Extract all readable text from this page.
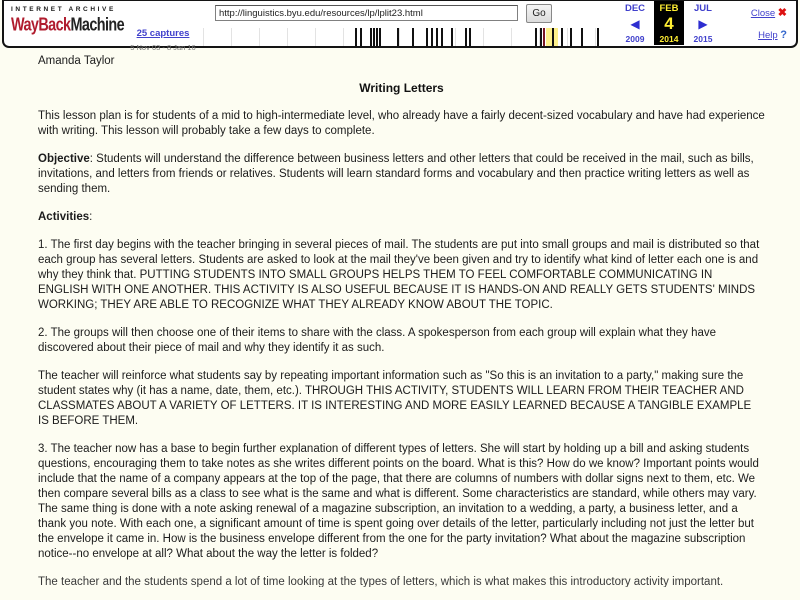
INTERNET ARCHIVE
WayBackMachine	25 captures
5 Nov 03 - 8 Jan 16
http://linguistics.byu.edu/resources/lp/lplit23.html
Go	DEC FEB JUL
◀ 4 ▶
2009 2014 2015
Close ✖
Help ?

Amanda Taylor

Writing Letters

This lesson plan is for students of a mid to high-intermediate level, who already have a fairly decent-sized vocabulary and have had experience with writing. This lesson will probably take a few days to complete.

Objective: Students will understand the difference between business letters and other letters that could be received in the mail, such as bills, invitations, and letters from friends or relatives. Students will learn standard forms and vocabulary and then practice writing letters as well as sending them.

Activities:

1. The first day begins with the teacher bringing in several pieces of mail. The students are put into small groups and mail is distributed so that each group has several letters. Students are asked to look at the mail they've been given and try to identify what kind of letter each one is and why they think that. PUTTING STUDENTS INTO SMALL GROUPS HELPS THEM TO FEEL COMFORTABLE COMMUNICATING IN ENGLISH WITH ONE ANOTHER. THIS ACTIVITY IS ALSO USEFUL BECAUSE IT IS HANDS-ON AND REALLY GETS STUDENTS' MINDS WORKING; THEY ARE ABLE TO RECOGNIZE WHAT THEY ALREADY KNOW ABOUT THE TOPIC.

2. The groups will then choose one of their items to share with the class. A spokesperson from each group will explain what they have discovered about their piece of mail and why they identify it as such.

The teacher will reinforce what students say by repeating important information such as "So this is an invitation to a party," making sure the student states why (it has a name, date, them, etc.). THROUGH THIS ACTIVITY, STUDENTS WILL LEARN FROM THEIR TEACHER AND CLASSMATES ABOUT A VARIETY OF LETTERS. IT IS INTERESTING AND MORE EASILY LEARNED BECAUSE A TANGIBLE EXAMPLE IS BEFORE THEM.

3. The teacher now has a base to begin further explanation of different types of letters. She will start by holding up a bill and asking students questions, encouraging them to take notes as she writes different points on the board. What is this? How do we know? Important points would include that the name of a company appears at the top of the page, that there are columns of numbers with dollar signs next to them, etc. We then compare several bills as a class to see what is the same and what is different. Some characteristics are standard, while others may vary. The same thing is done with a note asking renewal of a magazine subscription, an invitation to a wedding, a party, a business letter, and a thank you note. With each one, a significant amount of time is spent going over details of the letter, particularly including not just the letter but the envelope it came in. How is the business envelope different from the one for the party invitation? What about the magazine subscription notice--no envelope at all? What about the way the letter is folded?

The teacher and the students spend a lot of time looking at the types of letters, which is what makes this introductory activity important.
